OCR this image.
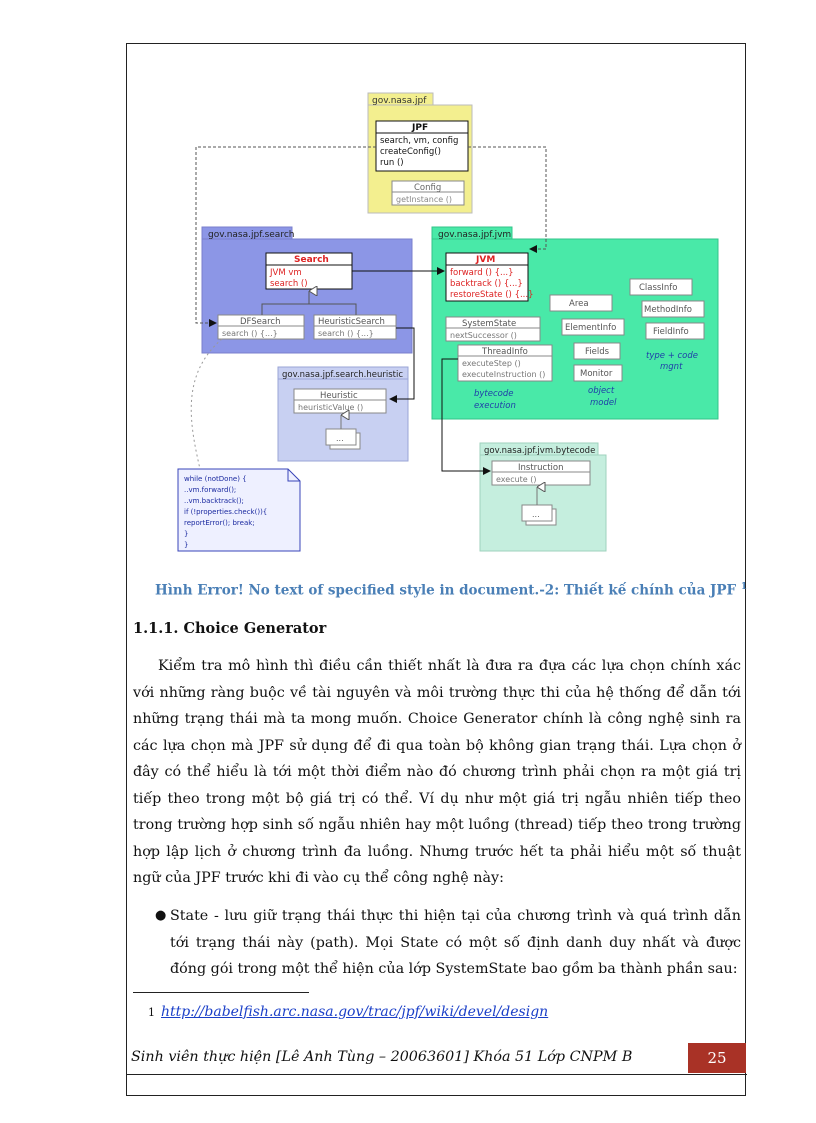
gov.nasa.jpf
JPF
search, vm, config
createConfig()
run ()
Config
getInstance ()
gov.nasa.jpf.search
Search
JVM vm
search ()
DFSearch
search () {...}
HeuristicSearch
search () {...}
gov.nasa.jpf.jvm
JVM
forward () {...}
backtrack () {...}
restoreState () {...}
SystemState
nextSuccessor ()
ThreadInfo
executeStep ()
executeInstruction ()
Area
ElementInfo
Fields
Monitor
ClassInfo
MethodInfo
FieldInfo
type + code
mgnt
bytecode
execution
object
model
gov.nasa.jpf.search.heuristic
Heuristic
heuristicValue ()
...
gov.nasa.jpf.jvm.bytecode
Instruction
execute ()
...
while (notDone) {
..vm.forward();
..vm.backtrack();
if (!properties.check()){
reportError(); break;
}
}
Hình Error! No text of specified style in document.-2: Thiết kế chính của JPF $^1$
1.1.1. Choice Generator

Kiểm tra mô hình thì điều cần thiết nhất là đưa ra đựa các lựa chọn chính xác với những ràng buộc về tài nguyên và môi trường thực thi của hệ thống để dẫn tới những trạng thái mà ta mong muốn. Choice Generator chính là công nghệ sinh ra các lựa chọn mà JPF sử dụng để đi qua toàn bộ không gian trạng thái. Lựa chọn ở đây có thể hiểu là tới một thời điểm nào đó chương trình phải chọn ra một giá trị tiếp theo trong một bộ giá trị có thể. Ví dụ như một giá trị ngẫu nhiên tiếp theo trong trường hợp sinh số ngẫu nhiên hay một luồng (thread) tiếp theo trong trường hợp lập lịch ở chương trình đa luồng. Nhưng trước hết ta phải hiểu một số thuật ngữ của JPF trước khi đi vào cụ thể công nghệ này:

● State - lưu giữ trạng thái thực thi hiện tại của chương trình và quá trình dẫn tới trạng thái này (path). Mọi State có một số định danh duy nhất và được đóng gói trong một thể hiện của lớp SystemState bao gồm ba thành phần sau:

1 http://babelfish.arc.nasa.gov/trac/jpf/wiki/devel/design
Sinh viên thực hiện [Lê Anh Tùng – 20063601] Khóa 51 Lớp CNPM B	25
